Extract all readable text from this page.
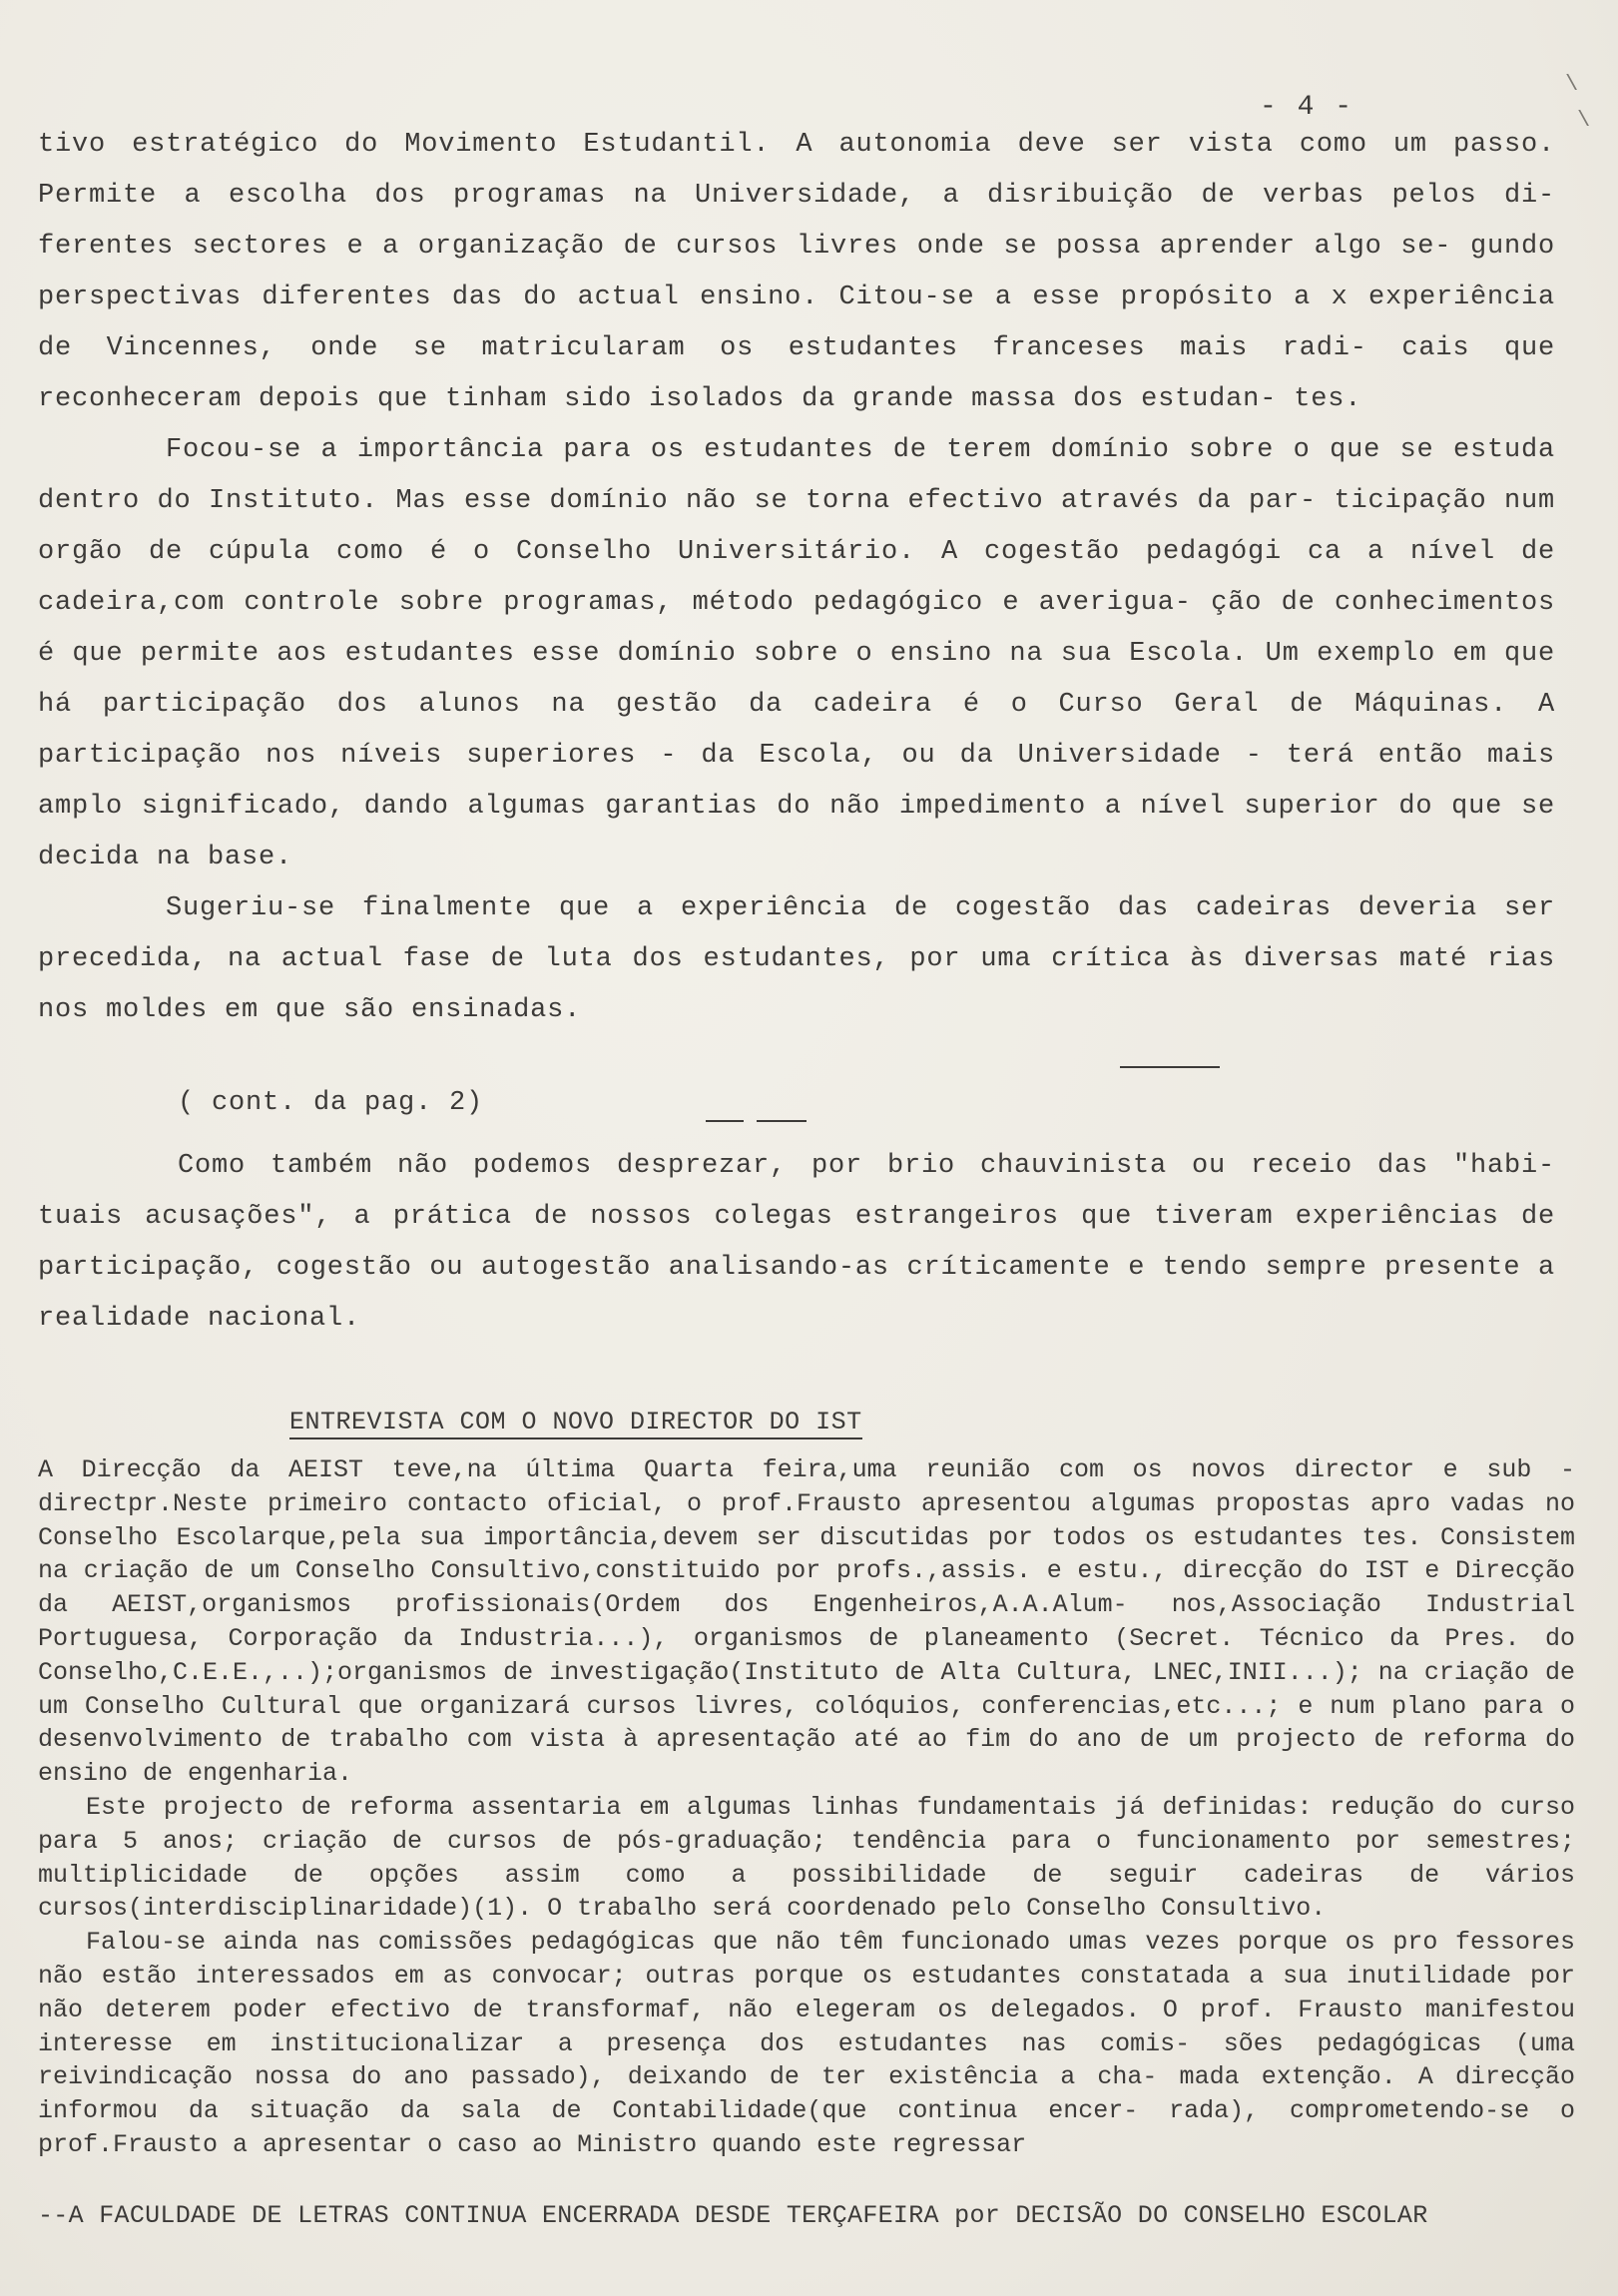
- 4 -

tivo estratégico do Movimento Estudantil. A autonomia deve ser vista como um passo. Permite a escolha dos programas na Universidade, a disribuição de verbas pelos di- ferentes sectores e a organização de cursos livres onde se possa aprender algo se- gundo perspectivas diferentes das do actual ensino. Citou-se a esse propósito a x experiência de Vincennes, onde se matricularam os estudantes franceses mais radi- cais que reconheceram depois que tinham sido isolados da grande massa dos estudan- tes.

Focou-se a importância para os estudantes de terem domínio sobre o que se estuda dentro do Instituto. Mas esse domínio não se torna efectivo através da par- ticipação num orgão de cúpula como é o Conselho Universitário. A cogestão pedagógi ca a nível de cadeira,com controle sobre programas, método pedagógico e averigua- ção de conhecimentos é que permite aos estudantes esse domínio sobre o ensino na sua Escola. Um exemplo em que há participação dos alunos na gestão da cadeira é o Curso Geral de Máquinas. A participação nos níveis superiores - da Escola, ou da Universidade - terá então mais amplo significado, dando algumas garantias do não impedimento a nível superior do que se decida na base.

Sugeriu-se finalmente que a experiência de cogestão das cadeiras deveria ser precedida, na actual fase de luta dos estudantes, por uma crítica às diversas maté rias nos moldes em que são ensinadas.

( cont. da pag. 2)

Como também não podemos desprezar, por brio chauvinista ou receio das "habi- tuais acusações", a prática de nossos colegas estrangeiros que tiveram experiências de participação, cogestão ou autogestão analisando-as críticamente e tendo sempre presente a realidade nacional.

ENTREVISTA COM O NOVO DIRECTOR DO IST

A Direcção da AEIST teve,na última Quarta feira,uma reunião com os novos director e sub -directpr.Neste primeiro contacto oficial, o prof.Frausto apresentou algumas propostas apro vadas no Conselho Escolarque,pela sua importância,devem ser discutidas por todos os estudantes tes. Consistem na criação de um Conselho Consultivo,constituido por profs.,assis. e estu., direcção do IST e Direcção da AEIST,organismos profissionais(Ordem dos Engenheiros,A.A.Alum- nos,Associação Industrial Portuguesa, Corporação da Industria...), organismos de planeamento (Secret. Técnico da Pres. do Conselho,C.E.E.,..);organismos de investigação(Instituto de Alta Cultura, LNEC,INII...); na criação de um Conselho Cultural que organizará cursos livres, colóquios, conferencias,etc...; e num plano para o desenvolvimento de trabalho com vista à apresentação até ao fim do ano de um projecto de reforma do ensino de engenharia.

Este projecto de reforma assentaria em algumas linhas fundamentais já definidas: redução do curso para 5 anos; criação de cursos de pós-graduação; tendência para o funcionamento por semestres; multiplicidade de opções assim como a possibilidade de seguir cadeiras de vários cursos(interdisciplinaridade)(1). O trabalho será coordenado pelo Conselho Consultivo.

Falou-se ainda nas comissões pedagógicas que não têm funcionado umas vezes porque os pro fessores não estão interessados em as convocar; outras porque os estudantes constatada a sua inutilidade por não deterem poder efectivo de transformaf, não elegeram os delegados. O prof. Frausto manifestou interesse em institucionalizar a presença dos estudantes nas comis- sões pedagógicas (uma reivindicação nossa do ano passado), deixando de ter existência a cha- mada extenção. A direcção informou da situação da sala de Contabilidade(que continua encer- rada), comprometendo-se o prof.Frausto a apresentar o caso ao Ministro quando este regressar

--A FACULDADE DE LETRAS CONTINUA ENCERRADA DESDE TERÇAFEIRA por DECISÃO DO CONSELHO ESCOLAR
\
\
